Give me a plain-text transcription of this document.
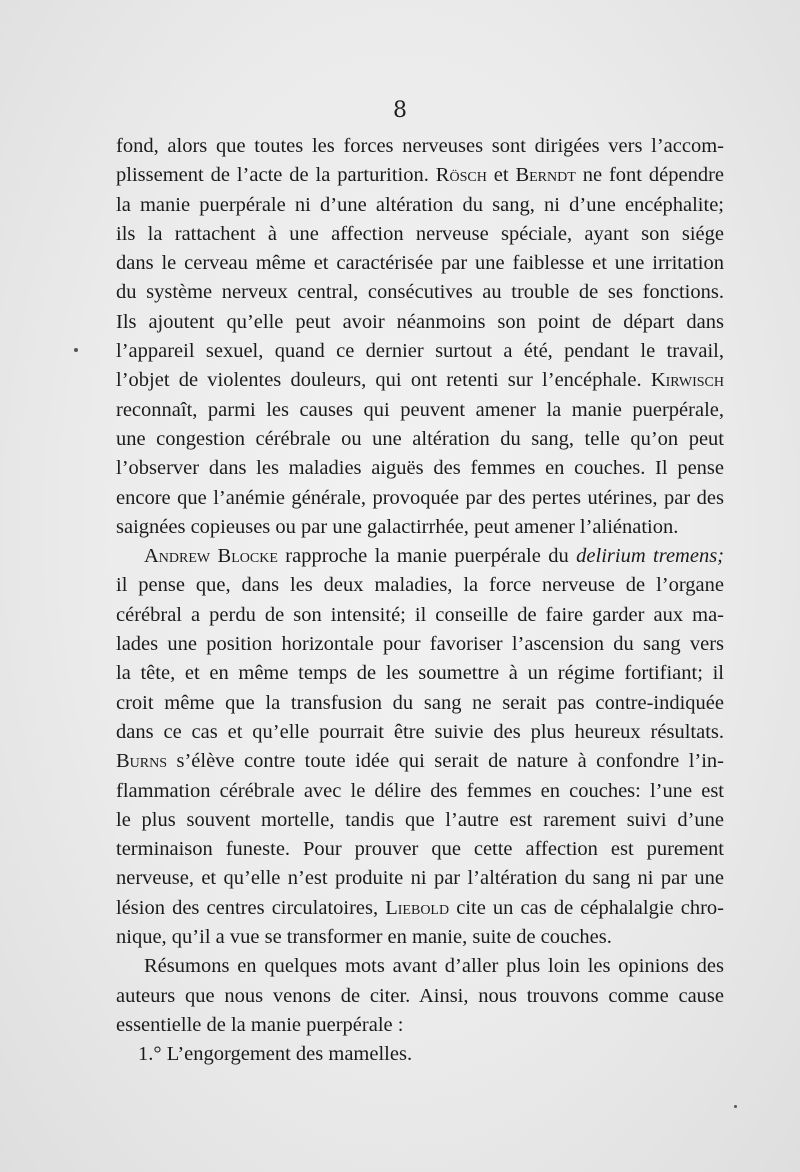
8
fond, alors que toutes les forces nerveuses sont dirigées vers l’accom-
plissement de l’acte de la parturition. Rösch et Berndt ne font dépendre
la manie puerpérale ni d’une altération du sang, ni d’une encéphalite;
ils la rattachent à une affection nerveuse spéciale, ayant son siége
dans le cerveau même et caractérisée par une faiblesse et une irritation
du système nerveux central, consécutives au trouble de ses fonctions.
Ils ajoutent qu’elle peut avoir néanmoins son point de départ dans
l’appareil sexuel, quand ce dernier surtout a été, pendant le travail,
l’objet de violentes douleurs, qui ont retenti sur l’encéphale. Kirwisch
reconnaît, parmi les causes qui peuvent amener la manie puerpérale,
une congestion cérébrale ou une altération du sang, telle qu’on peut
l’observer dans les maladies aiguës des femmes en couches. Il pense
encore que l’anémie générale, provoquée par des pertes utérines, par des
saignées copieuses ou par une galactirrhée, peut amener l’aliénation.
Andrew Blocke rapproche la manie puerpérale du delirium tremens;
il pense que, dans les deux maladies, la force nerveuse de l’organe
cérébral a perdu de son intensité; il conseille de faire garder aux ma-
lades une position horizontale pour favoriser l’ascension du sang vers
la tête, et en même temps de les soumettre à un régime fortifiant; il
croit même que la transfusion du sang ne serait pas contre-indiquée
dans ce cas et qu’elle pourrait être suivie des plus heureux résultats.
Burns s’élève contre toute idée qui serait de nature à confondre l’in-
flammation cérébrale avec le délire des femmes en couches: l’une est
le plus souvent mortelle, tandis que l’autre est rarement suivi d’une
terminaison funeste. Pour prouver que cette affection est purement
nerveuse, et qu’elle n’est produite ni par l’altération du sang ni par une
lésion des centres circulatoires, Liebold cite un cas de céphalalgie chro-
nique, qu’il a vue se transformer en manie, suite de couches.
Résumons en quelques mots avant d’aller plus loin les opinions des
auteurs que nous venons de citer. Ainsi, nous trouvons comme cause
essentielle de la manie puerpérale :
1.° L’engorgement des mamelles.
